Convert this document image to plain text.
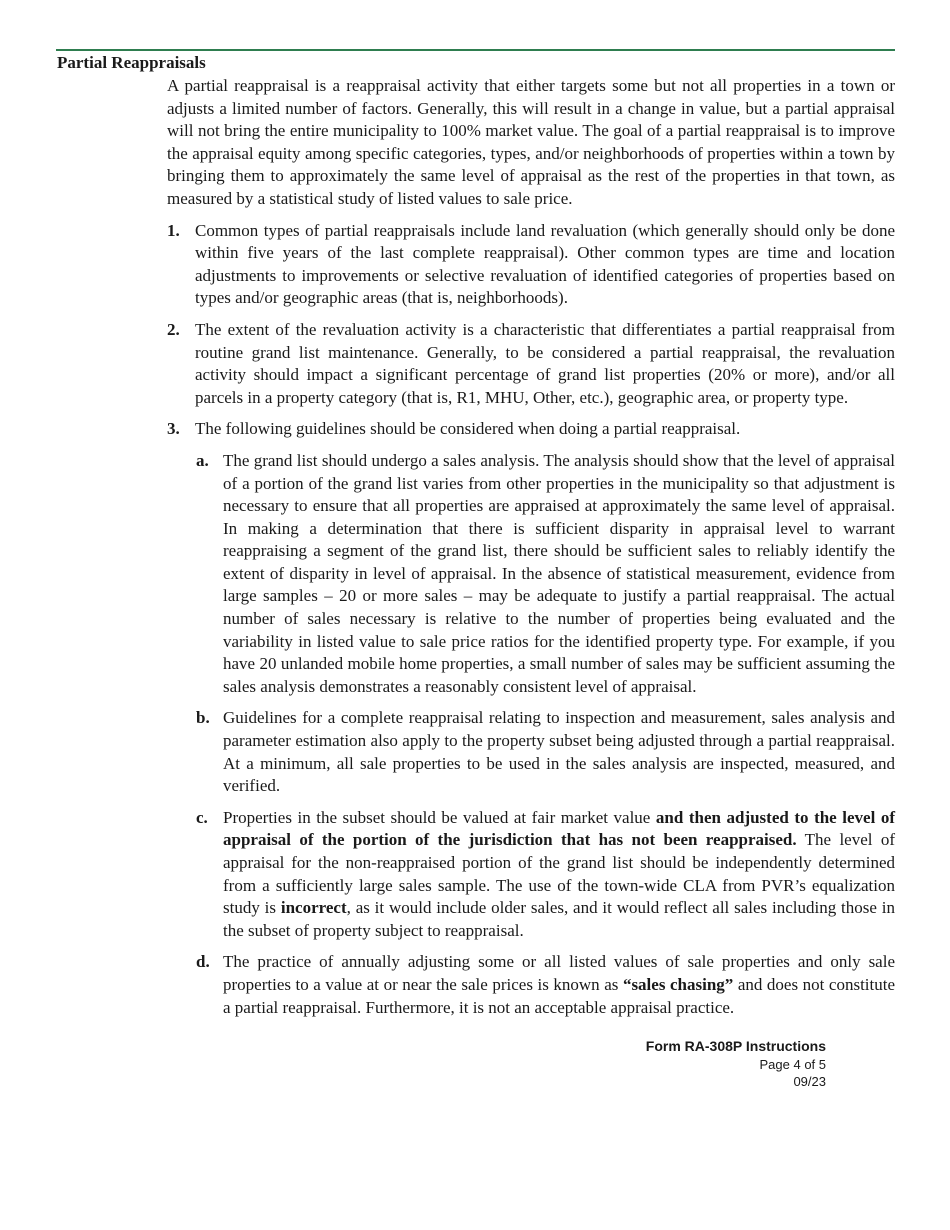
Partial Reappraisals

A partial reappraisal is a reappraisal activity that either targets some but not all properties in a town or adjusts a limited number of factors. Generally, this will result in a change in value, but a partial appraisal will not bring the entire municipality to 100% market value. The goal of a partial reappraisal is to improve the appraisal equity among specific categories, types, and/or neighborhoods of properties within a town by bringing them to approximately the same level of appraisal as the rest of the properties in that town, as measured by a statistical study of listed values to sale price.

1. Common types of partial reappraisals include land revaluation (which generally should only be done within five years of the last complete reappraisal). Other common types are time and location adjustments to improvements or selective revaluation of identified categories of properties based on types and/or geographic areas (that is, neighborhoods).
2. The extent of the revaluation activity is a characteristic that differentiates a partial reappraisal from routine grand list maintenance. Generally, to be considered a partial reappraisal, the revaluation activity should impact a significant percentage of grand list properties (20% or more), and/or all parcels in a property category (that is, R1, MHU, Other, etc.), geographic area, or property type.
3. The following guidelines should be considered when doing a partial reappraisal.
a. The grand list should undergo a sales analysis. The analysis should show that the level of appraisal of a portion of the grand list varies from other properties in the municipality so that adjustment is necessary to ensure that all properties are appraised at approximately the same level of appraisal. In making a determination that there is sufficient disparity in appraisal level to warrant reappraising a segment of the grand list, there should be sufficient sales to reliably identify the extent of disparity in level of appraisal. In the absence of statistical measurement, evidence from large samples – 20 or more sales – may be adequate to justify a partial reappraisal. The actual number of sales necessary is relative to the number of properties being evaluated and the variability in listed value to sale price ratios for the identified property type. For example, if you have 20 unlanded mobile home properties, a small number of sales may be sufficient assuming the sales analysis demonstrates a reasonably consistent level of appraisal.
b. Guidelines for a complete reappraisal relating to inspection and measurement, sales analysis and parameter estimation also apply to the property subset being adjusted through a partial reappraisal. At a minimum, all sale properties to be used in the sales analysis are inspected, measured, and verified.
c. Properties in the subset should be valued at fair market value and then adjusted to the level of appraisal of the portion of the jurisdiction that has not been reappraised. The level of appraisal for the non-reappraised portion of the grand list should be independently determined from a sufficiently large sales sample. The use of the town-wide CLA from PVR’s equalization study is incorrect, as it would include older sales, and it would reflect all sales including those in the subset of property subject to reappraisal.
d. The practice of annually adjusting some or all listed values of sale properties and only sale properties to a value at or near the sale prices is known as “sales chasing” and does not constitute a partial reappraisal. Furthermore, it is not an acceptable appraisal practice.
Form RA-308P Instructions
Page 4 of 5
09/23
